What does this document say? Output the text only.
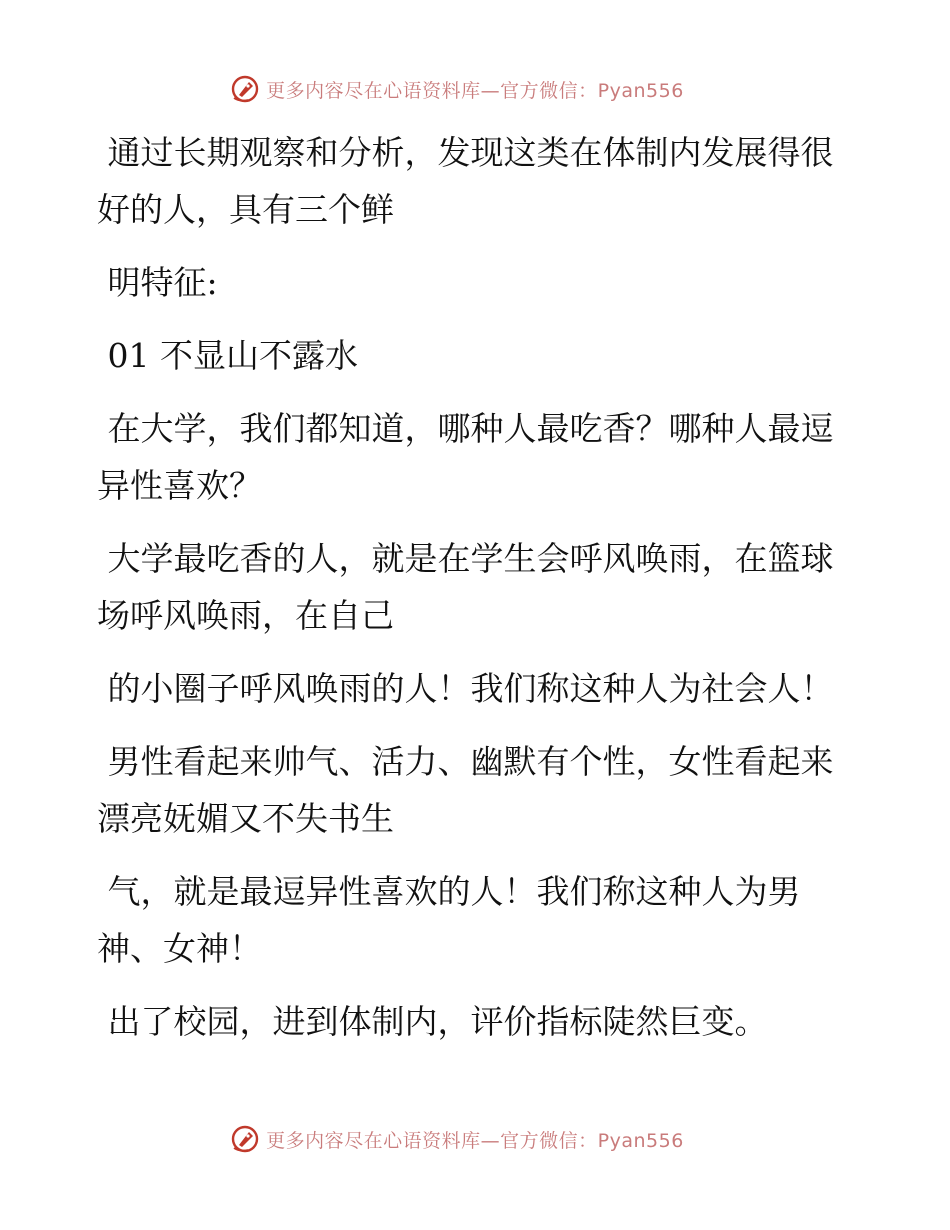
更多内容尽在心语资料库—官方微信：Pyan556

通过长期观察和分析，发现这类在体制内发展得很好的人，具有三个鲜

明特征:

01 不显山不露水

在大学，我们都知道，哪种人最吃香？哪种人最逗异性喜欢？

大学最吃香的人，就是在学生会呼风唤雨，在篮球场呼风唤雨，在自己

的小圈子呼风唤雨的人！我们称这种人为社会人！

男性看起来帅气、活力、幽默有个性，女性看起来漂亮妩媚又不失书生

气，就是最逗异性喜欢的人！我们称这种人为男神、女神！

出了校园，进到体制内，评价指标陡然巨变。

更多内容尽在心语资料库—官方微信：Pyan556
